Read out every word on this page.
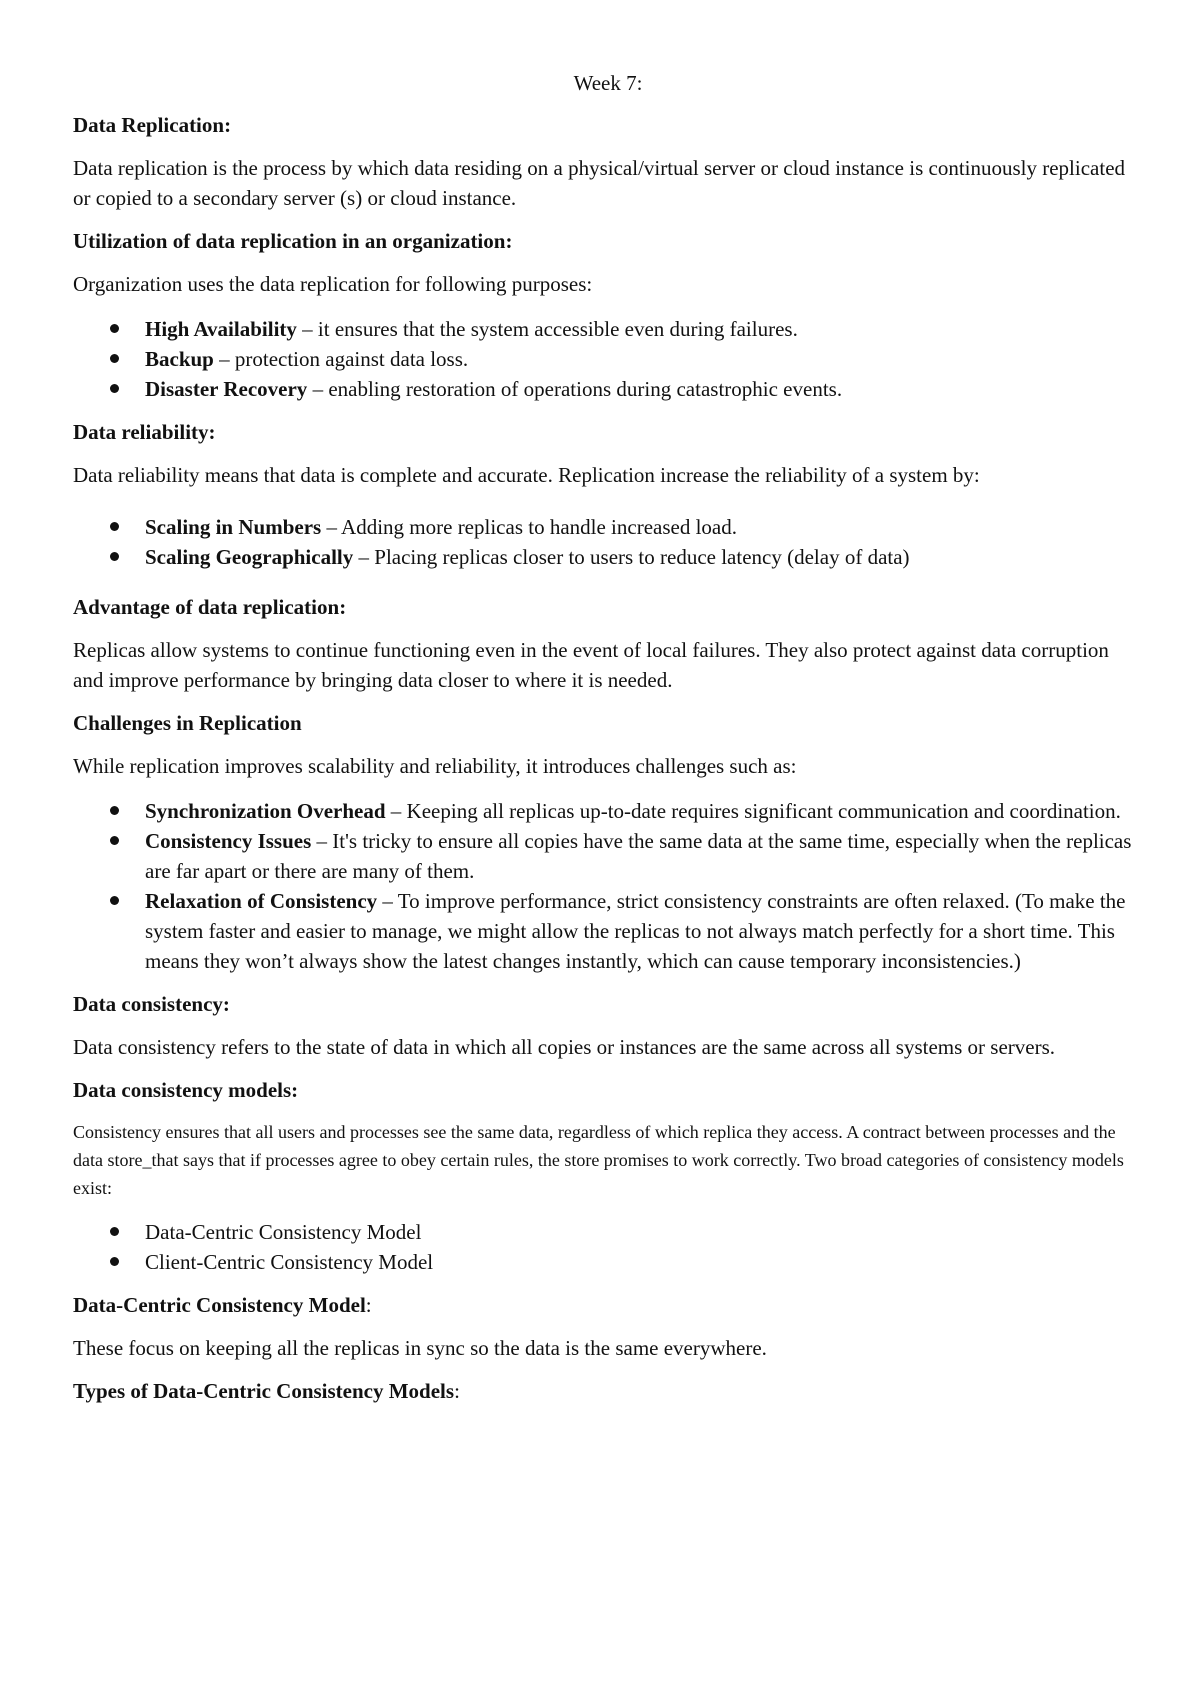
Week 7:
Data Replication:
Data replication is the process by which data residing on a physical/virtual server or cloud instance is continuously replicated or copied to a secondary server (s) or cloud instance.
Utilization of data replication in an organization:
Organization uses the data replication for following purposes:
High Availability – it ensures that the system accessible even during failures.
Backup – protection against data loss.
Disaster Recovery – enabling restoration of operations during catastrophic events.
Data reliability:
Data reliability means that data is complete and accurate. Replication increase the reliability of a system by:
Scaling in Numbers – Adding more replicas to handle increased load.
Scaling Geographically – Placing replicas closer to users to reduce latency (delay of data)
Advantage of data replication:
Replicas allow systems to continue functioning even in the event of local failures. They also protect against data corruption and improve performance by bringing data closer to where it is needed.
Challenges in Replication
While replication improves scalability and reliability, it introduces challenges such as:
Synchronization Overhead – Keeping all replicas up-to-date requires significant communication and coordination.
Consistency Issues – It's tricky to ensure all copies have the same data at the same time, especially when the replicas are far apart or there are many of them.
Relaxation of Consistency – To improve performance, strict consistency constraints are often relaxed. (To make the system faster and easier to manage, we might allow the replicas to not always match perfectly for a short time. This means they won’t always show the latest changes instantly, which can cause temporary inconsistencies.)
Data consistency:
Data consistency refers to the state of data in which all copies or instances are the same across all systems or servers.
Data consistency models:
Consistency ensures that all users and processes see the same data, regardless of which replica they access. A contract between processes and the data store_that says that if processes agree to obey certain rules, the store promises to work correctly. Two broad categories of consistency models exist:
Data-Centric Consistency Model
Client-Centric Consistency Model
Data-Centric Consistency Model:
These focus on keeping all the replicas in sync so the data is the same everywhere.
Types of Data-Centric Consistency Models:
